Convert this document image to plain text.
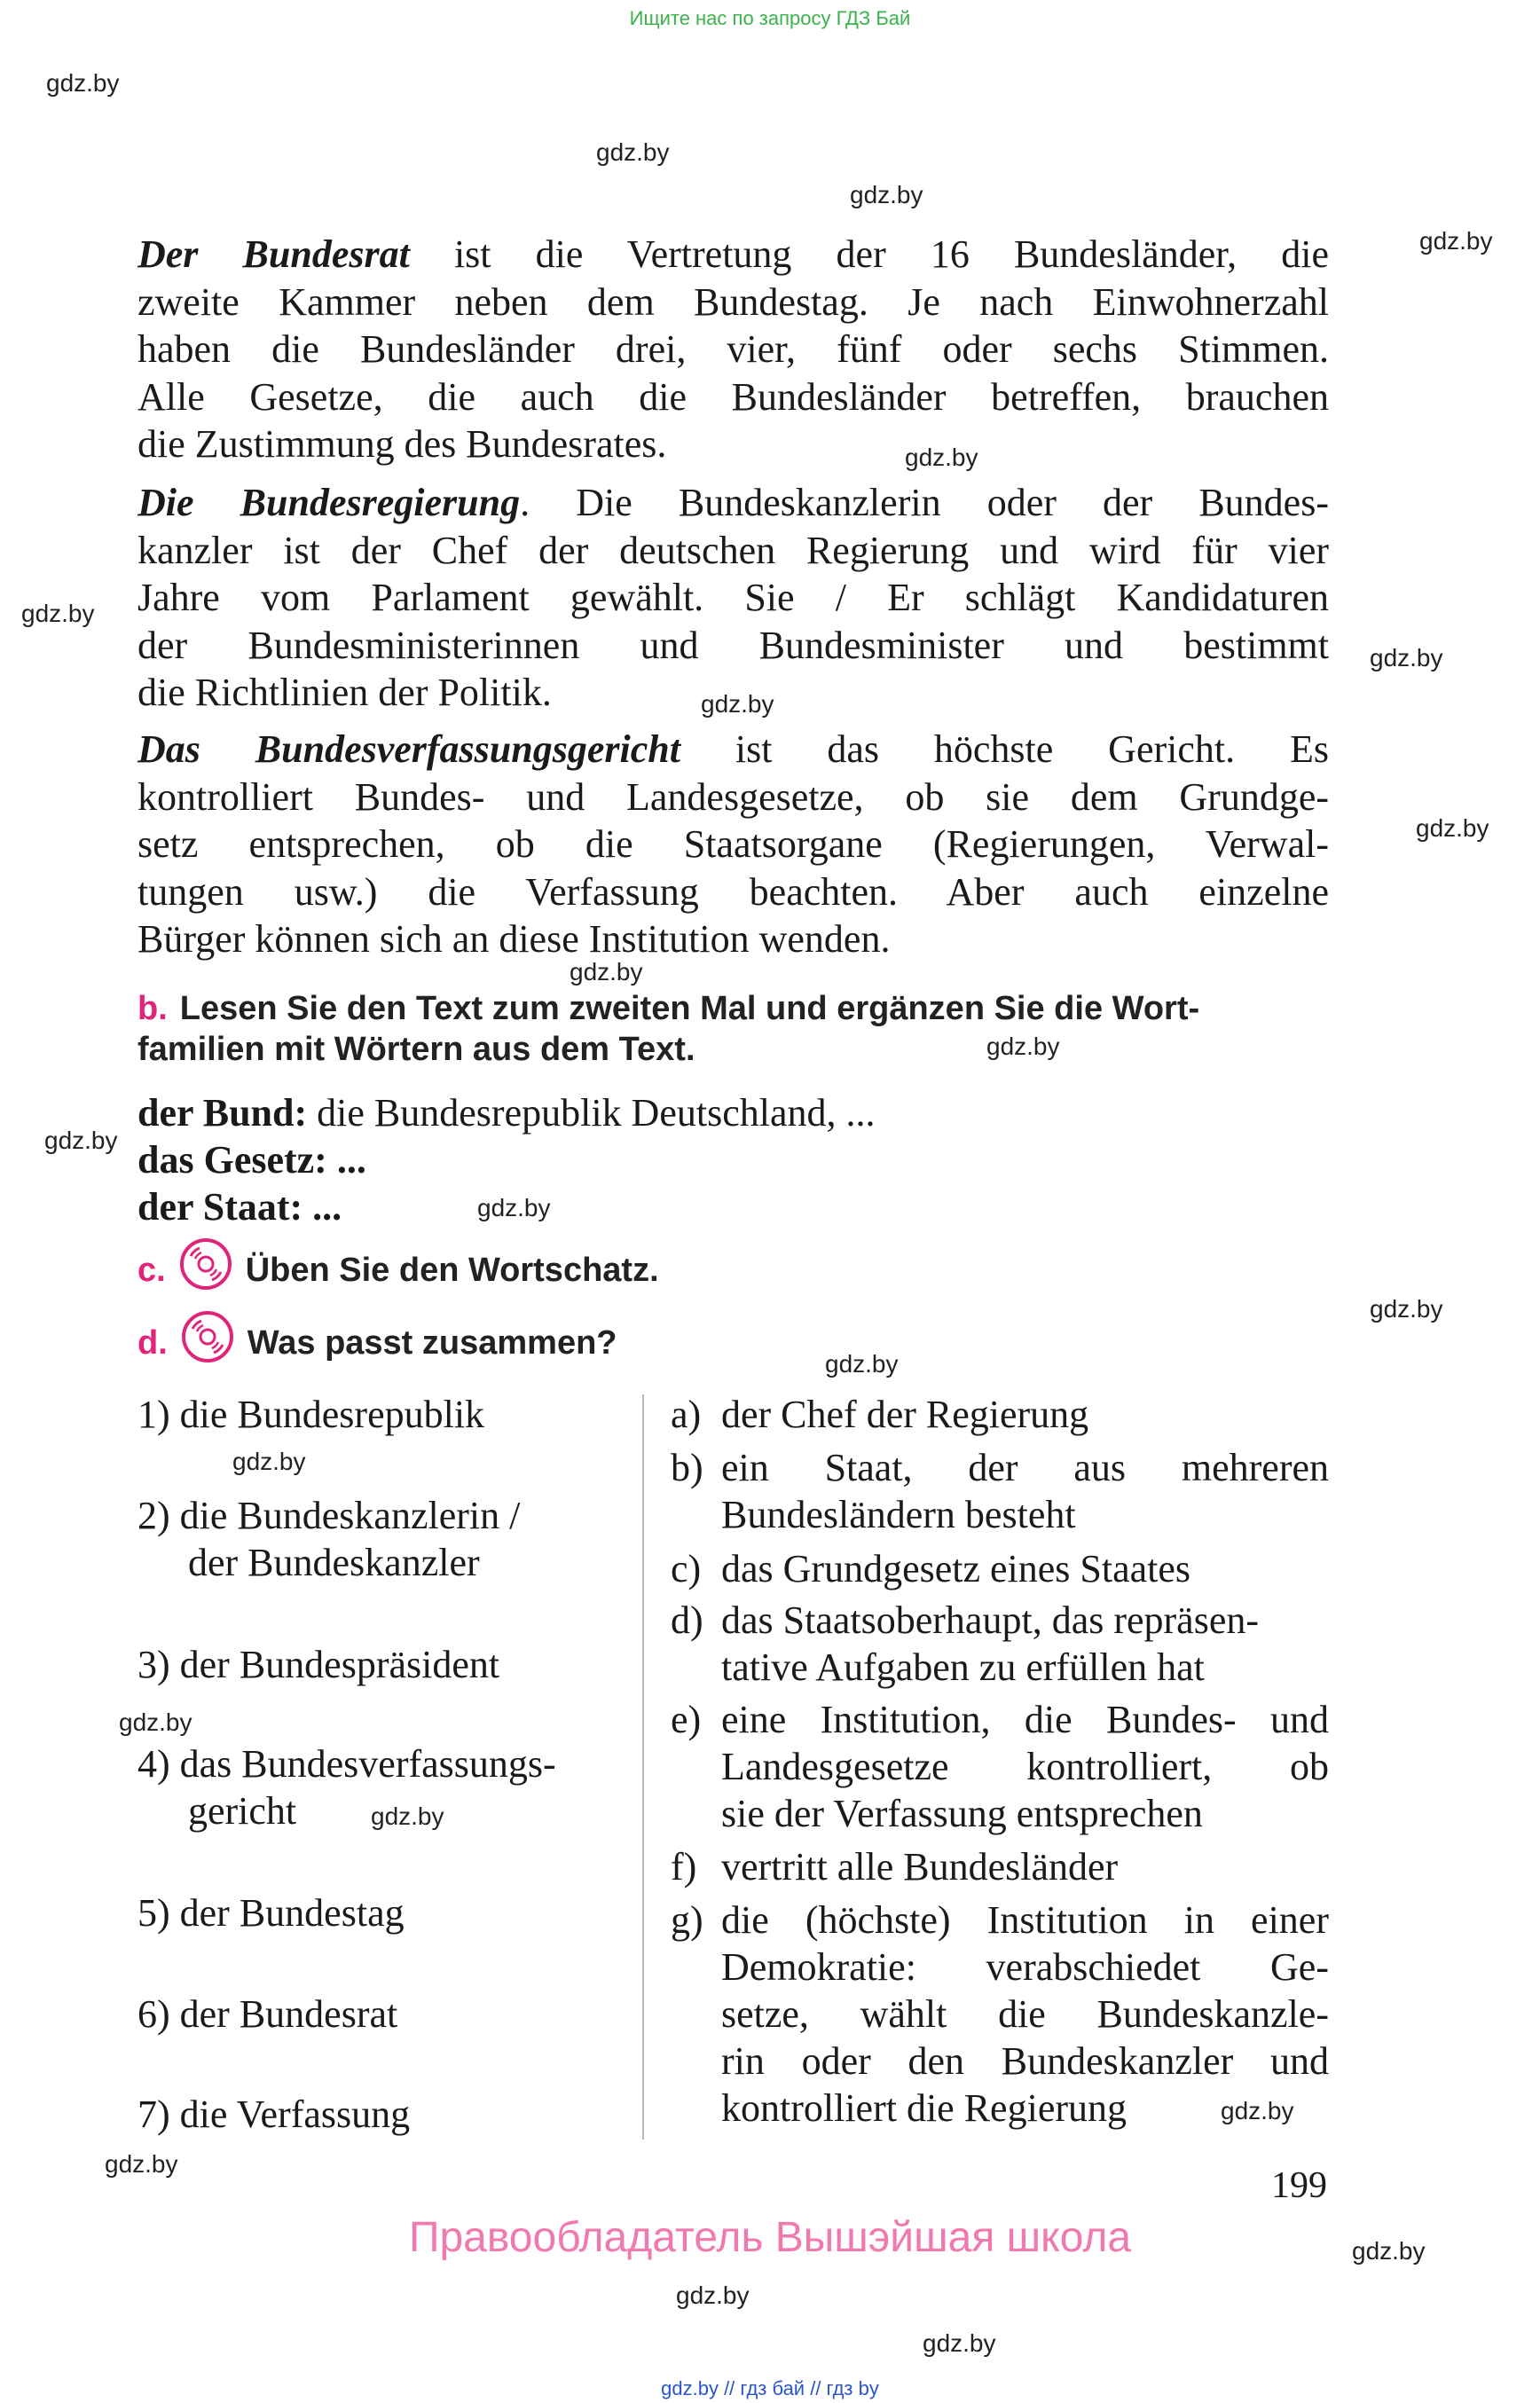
Ищите нас по запросу ГДЗ Бай
gdz.by
gdz.by
gdz.by
gdz.by
gdz.by
gdz.by
gdz.by
gdz.by
gdz.by
gdz.by
gdz.by
gdz.by
gdz.by
gdz.by
gdz.by
gdz.by
gdz.by
gdz.by
gdz.by
gdz.by
gdz.by
gdz.by
gdz.by
Der Bundesrat ist die Vertretung der 16 Bundesländer, die
zweite Kammer neben dem Bundestag. Je nach Einwohnerzahl
haben die Bundesländer drei, vier, fünf oder sechs Stimmen.
Alle Gesetze, die auch die Bundesländer betreffen, brauchen
die Zustimmung des Bundesrates.
Die Bundesregierung. Die Bundeskanzlerin oder der Bundes-
kanzler ist der Chef der deutschen Regierung und wird für vier
Jahre vom Parlament gewählt. Sie / Er schlägt Kandidaturen
der Bundesministerinnen und Bundesminister und bestimmt
die Richtlinien der Politik.
Das Bundesverfassungsgericht ist das höchste Gericht. Es
kontrolliert Bundes- und Landesgesetze, ob sie dem Grundge-
setz entsprechen, ob die Staatsorgane (Regierungen, Verwal-
tungen usw.) die Verfassung beachten. Aber auch einzelne
Bürger können sich an diese Institution wenden.
b. Lesen Sie den Text zum zweiten Mal und ergänzen Sie die Wort-
familien mit Wörtern aus dem Text.
der Bund: die Bundesrepublik Deutschland, ...
das Gesetz: ...
der Staat: ...
c. Üben Sie den Wortschatz.
d. Was passt zusammen?
1) die Bundesrepublik
2) die Bundeskanzlerin /
der Bundeskanzler
3) der Bundespräsident
4) das Bundesverfassungs-
gericht
5) der Bundestag
6) der Bundesrat
7) die Verfassung
a) der Chef der Regierung
b) ein Staat, der aus mehreren
Bundesländern besteht
c) das Grundgesetz eines Staates
d) das Staatsoberhaupt, das repräsen-
tative Aufgaben zu erfüllen hat
e) eine Institution, die Bundes- und
Landesgesetze kontrolliert, ob
sie der Verfassung entsprechen
f) vertritt alle Bundesländer
g) die (höchste) Institution in einer
Demokratie: verabschiedet Ge-
setze, wählt die Bundeskanzle-
rin oder den Bundeskanzler und
kontrolliert die Regierung
199
Правообладатель Вышэйшая школа
gdz.by // гдз бай // гдз by
